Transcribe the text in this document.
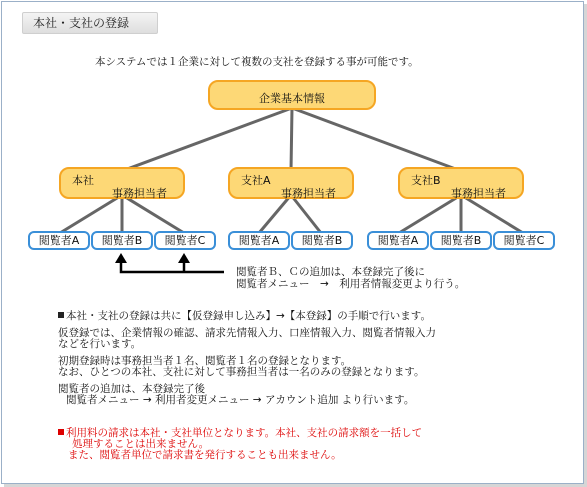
本社・支社の登録
本システムでは１企業に対して複数の支社を登録する事が可能です。
企業基本情報
本社
事務担当者
支社A
事務担当者
支社B
事務担当者
閲覧者A	閲覧者B	閲覧者C	閲覧者A	閲覧者B	閲覧者A	閲覧者B	閲覧者C
閲覧者Ｂ、Ｃの追加は、本登録完了後に
閲覧者メニュー　→　利用者情報変更より行う。
本社・支社の登録は共に【仮登録申し込み】→【本登録】の手順で行います。
仮登録では、企業情報の確認、請求先情報入力、口座情報入力、閲覧者情報入力
などを行います。
初期登録時は事務担当者１名、閲覧者１名の登録となります。
なお、ひとつの本社、支社に対して事務担当者は一名のみの登録となります。
閲覧者の追加は、本登録完了後
閲覧者メニュー → 利用者変更メニュー → アカウント追加 より行います。
利用料の請求は本社・支社単位となります。本社、支社の請求額を一括して
処理することは出来ません。
また、閲覧者単位で請求書を発行することも出来ません。
